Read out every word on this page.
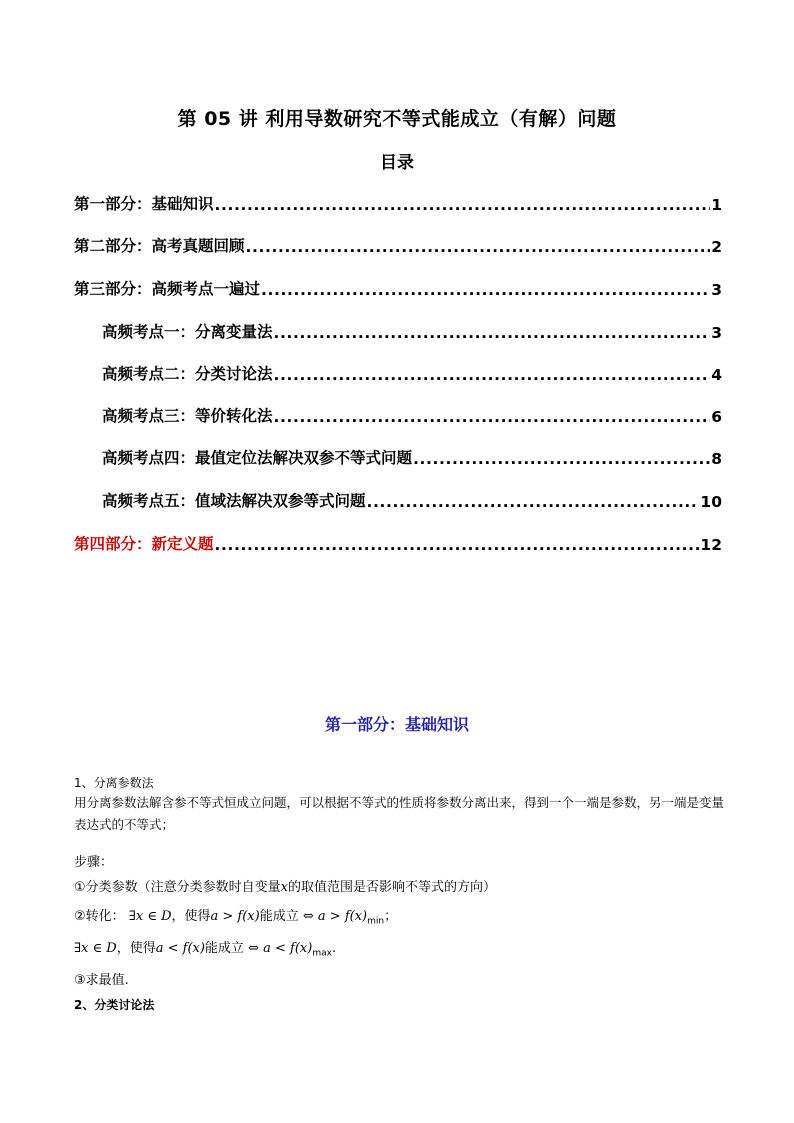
第 05 讲 利用导数研究不等式能成立（有解）问题
目录
第一部分：基础知识 .....	1
第二部分：高考真题回顾 .....	2
第三部分：高频考点一遍过 .....	3
高频考点一：分离变量法 .....	3
高频考点二：分类讨论法 .....	4
高频考点三：等价转化法 .....	6
高频考点四：最值定位法解决双参不等式问题 .....	8
高频考点五：值域法解决双参等式问题 .....	10
第四部分：新定义题 .....	12
第一部分：基础知识
1、分离参数法
用分离参数法解含参不等式恒成立问题，可以根据不等式的性质将参数分离出来，得到一个一端是参数，另一端是变量表达式的不等式；
步骤：
①分类参数（注意分类参数时自变量x的取值范围是否影响不等式的方向）
②转化： ∃x ∈ D，使得a > f(x)能成立 ⇔ $a > f(x)_{min}$；
∃x ∈ D，使得a < f(x)能成立 ⇔ $a < f(x)_{max}$.
③求最值.
2、分类讨论法
